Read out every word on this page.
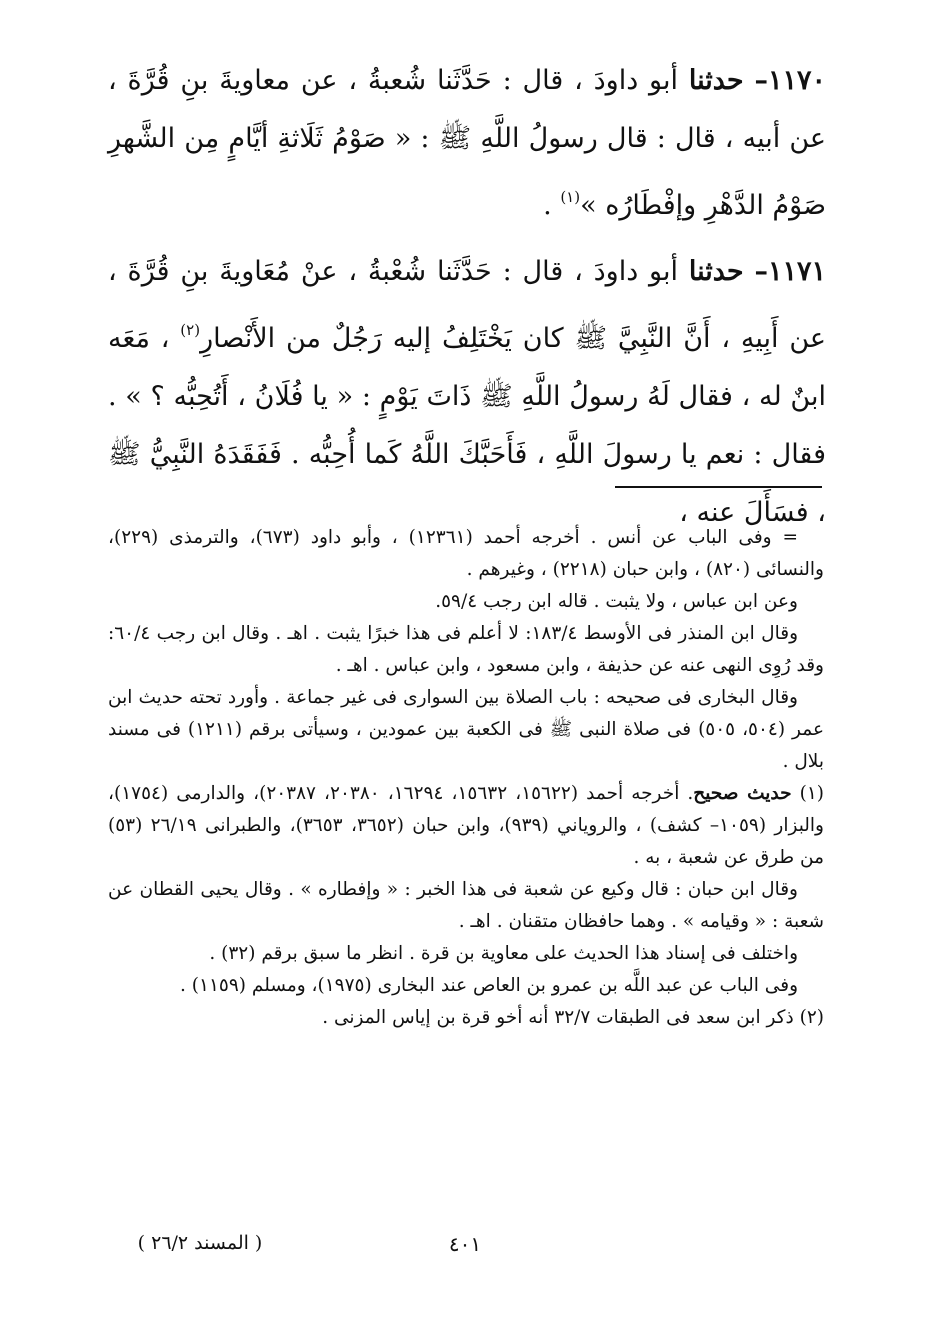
١١٧٠– حدثنا أبو داودَ ، قال : حَدَّثَنا شُعبةُ ، عن معاويةَ بنِ قُرَّةَ ، عن أبيه ، قال : قال رسولُ اللَّهِ ﷺ : « صَوْمُ ثَلَاثةِ أيَّامٍ مِن الشَّهرِ صَوْمُ الدَّهْرِ وإفْطَارُه »$^{(١)}$ .

١١٧١– حدثنا أبو داودَ ، قال : حَدَّثَنا شُعْبةُ ، عنْ مُعَاويةَ بنِ قُرَّةَ ، عن أَبِيهِ ، أَنَّ النَّبِيَّ ﷺ كان يَخْتَلِفُ إليه رَجُلٌ من الأَنْصارِ$^{(٢)}$ ، مَعَه ابنٌ له ، فقال لَهُ رسولُ اللَّهِ ﷺ ذَاتَ يَوْمٍ : « يا فُلَانُ ، أَتُحِبُّه ؟ » . فقال : نعم يا رسولَ اللَّهِ ، فَأَحَبَّكَ اللَّهُ كَما أُحِبُّه . فَفَقَدَهُ النَّبِيُّ ﷺ ، فسَأَلَ عنه ،

= وفى الباب عن أنس . أخرجه أحمد (١٢٣٦١) ، وأبو داود (٦٧٣)، والترمذى (٢٢٩)، والنسائى (٨٢٠) ، وابن حبان (٢٢١٨) ، وغيرهم .

وعن ابن عباس ، ولا يثبت . قاله ابن رجب ٥٩/٤.

وقال ابن المنذر فى الأوسط ١٨٣/٤: لا أعلم فى هذا خبرًا يثبت . اهـ . وقال ابن رجب ٦٠/٤: وقد رُوِى النهى عنه عن حذيفة ، وابن مسعود ، وابن عباس . اهـ .

وقال البخارى فى صحيحه : باب الصلاة بين السوارى فى غير جماعة . وأورد تحته حديث ابن عمر (٥٠٤، ٥٠٥) فى صلاة النبى ﷺ فى الكعبة بين عمودين ، وسيأتى برقم (١٢١١) فى مسند بلال .

(١) حديث صحيح. أخرجه أحمد (١٥٦٢٢، ١٥٦٣٢، ١٦٢٩٤، ٢٠٣٨٠، ٢٠٣٨٧)، والدارمى (١٧٥٤)، والبزار (١٠٥٩– كشف) ، والروياني (٩٣٩)، وابن حبان (٣٦٥٢، ٣٦٥٣)، والطبرانى ٢٦/١٩ (٥٣) من طرق عن شعبة ، به .

وقال ابن حبان : قال وكيع عن شعبة فى هذا الخبر : « وإفطاره » . وقال يحيى القطان عن شعبة : « وقيامه » . وهما حافظان متقنان . اهـ .

واختلف فى إسناد هذا الحديث على معاوية بن قرة . انظر ما سبق برقم (٣٢) .

وفى الباب عن عبد اللَّه بن عمرو بن العاص عند البخارى (١٩٧٥)، ومسلم (١١٥٩) .

(٢) ذكر ابن سعد فى الطبقات ٣٢/٧ أنه أخو قرة بن إياس المزنى .

٤٠١
( المسند ٢٦/٢ )
